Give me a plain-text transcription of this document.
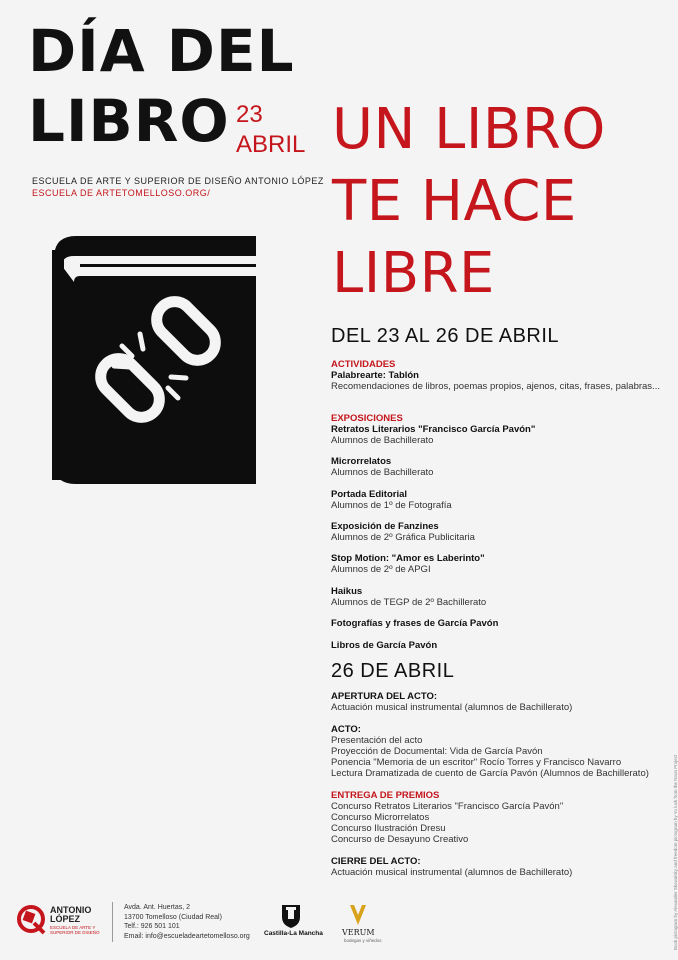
DÍA DEL
LIBRO 23
ABRIL
ESCUELA DE ARTE Y SUPERIOR DE DISEÑO ANTONIO LÓPEZ
ESCUELA DE ARTETOMELLOSO.ORG/
UN LIBRO
TE HACE
LIBRE
DEL 23 AL 26 DE ABRIL
ACTIVIDADES
Palabrearte: Tablón
Recomendaciones de libros, poemas propios, ajenos, citas, frases, palabras...
EXPOSICIONES
Retratos Literarios "Francisco García Pavón"
Alumnos de Bachillerato
Microrrelatos
Alumnos de Bachillerato
Portada Editorial
Alumnos de 1º de Fotografía
Exposición de Fanzines
Alumnos de 2º Gráfica Publicitaria
Stop Motion: "Amor es Laberinto"
Alumnos de 2º de APGI
Haikus
Alumnos de TEGP de 2º Bachillerato
Fotografías y frases de García Pavón
Libros de García Pavón
26 DE ABRIL
APERTURA DEL ACTO:
Actuación musical instrumental (alumnos de Bachillerato)
ACTO:
Presentación del acto
Proyección de Documental: Vida de García Pavón
Ponencia "Memoria de un escritor" Rocío Torres y Francisco Navarro
Lectura Dramatizada de cuento de García Pavón (Alumnos de Bachillerato)
ENTREGA DE PREMIOS
Concurso Retratos Literarios "Francisco García Pavón"
Concurso Microrrelatos
Concurso Ilustración Dresu
Concurso de Desayuno Creativo
CIERRE DEL ACTO:
Actuación musical instrumental (alumnos de Bachillerato)
ANTONIO
LÓPEZ
ESCUELA DE ARTE Y
SUPERIOR DE DISEÑO
Avda. Ant. Huertas, 2
13700 Tomelloso (Ciudad Real)
Telf.: 926 501 101
Email: info@escueladeartetomelloso.org Castilla-La Mancha VERUM
bodegas y viñedos	Book pictogram by Alexander Skowalsky and freedom pictogram by Yu luck from the Noun Project
